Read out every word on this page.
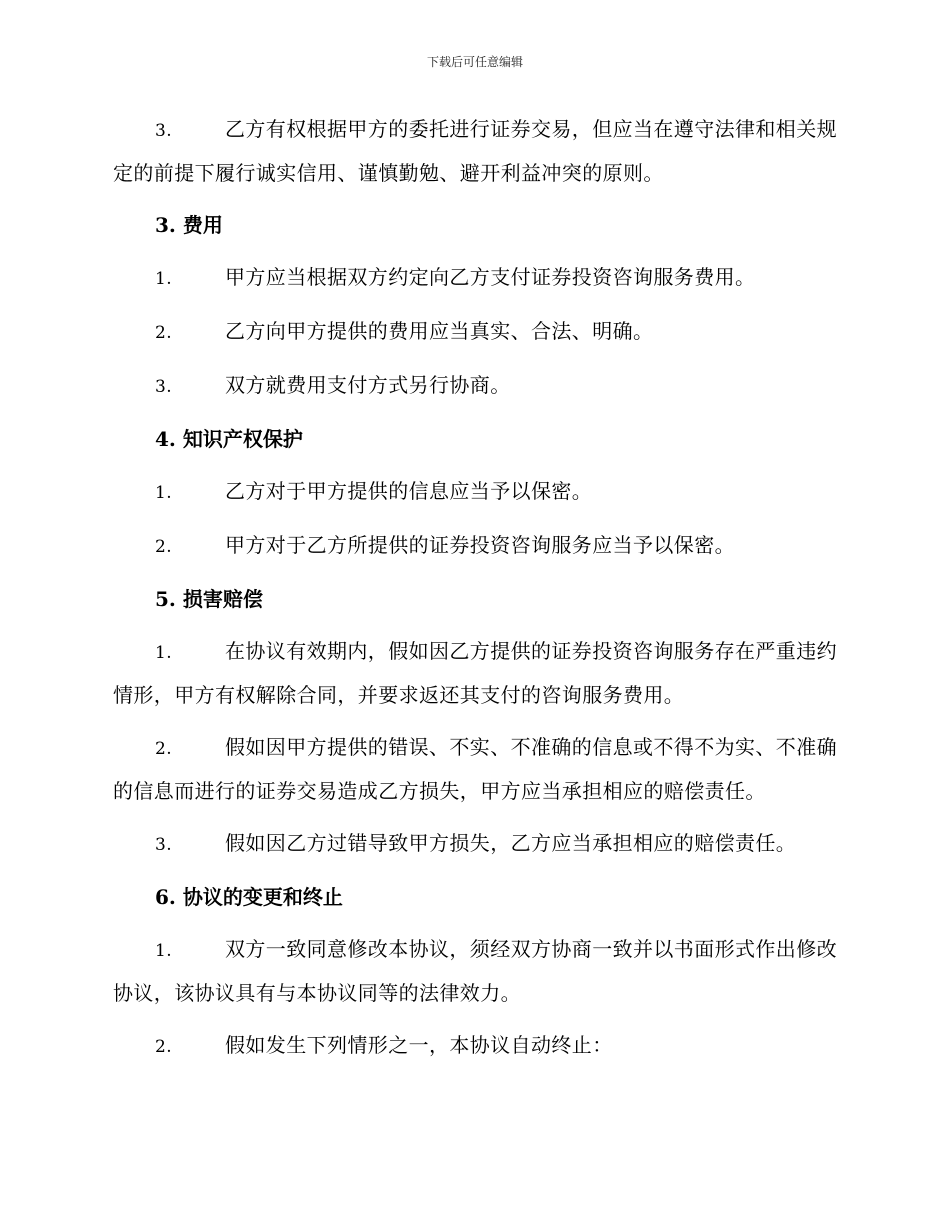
下载后可任意编辑

3.	乙方有权根据甲方的委托进行证券交易，但应当在遵守法律和相关规定的前提下履行诚实信用、谨慎勤勉、避开利益冲突的原则。

3. 费用

1.	甲方应当根据双方约定向乙方支付证券投资咨询服务费用。

2.	乙方向甲方提供的费用应当真实、合法、明确。

3.	双方就费用支付方式另行协商。

4. 知识产权保护

1.	乙方对于甲方提供的信息应当予以保密。

2.	甲方对于乙方所提供的证券投资咨询服务应当予以保密。

5. 损害赔偿

1.	在协议有效期内，假如因乙方提供的证券投资咨询服务存在严重违约情形，甲方有权解除合同，并要求返还其支付的咨询服务费用。

2.	假如因甲方提供的错误、不实、不准确的信息或不得不为实、不准确的信息而进行的证券交易造成乙方损失，甲方应当承担相应的赔偿责任。

3.	假如因乙方过错导致甲方损失，乙方应当承担相应的赔偿责任。

6. 协议的变更和终止

1.	双方一致同意修改本协议，须经双方协商一致并以书面形式作出修改协议，该协议具有与本协议同等的法律效力。

2.	假如发生下列情形之一，本协议自动终止：
